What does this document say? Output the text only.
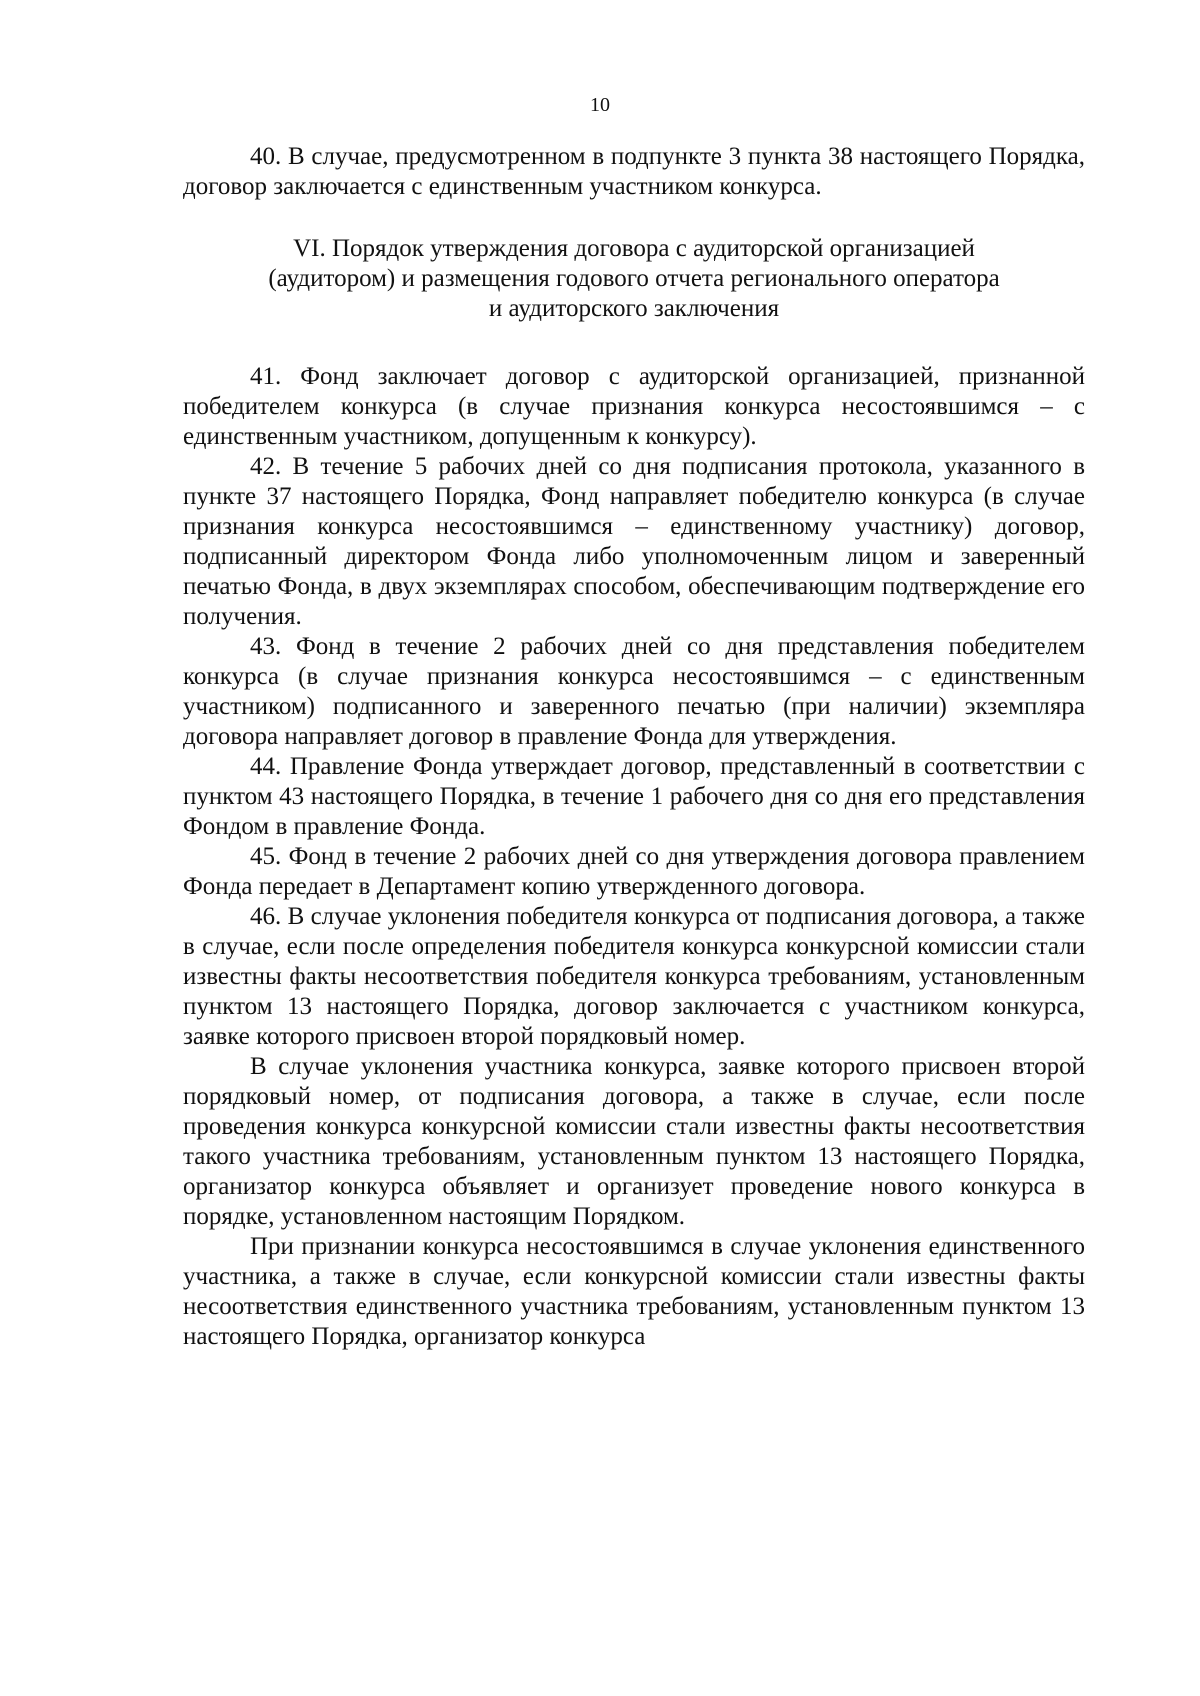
10

40. В случае, предусмотренном в подпункте 3 пункта 38 настоящего Порядка, договор заключается с единственным участником конкурса.

VI. Порядок утверждения договора с аудиторской организацией
(аудитором) и размещения годового отчета регионального оператора
и аудиторского заключения

41. Фонд заключает договор с аудиторской организацией, признанной победителем конкурса (в случае признания конкурса несостоявшимся – с единственным участником, допущенным к конкурсу).

42. В течение 5 рабочих дней со дня подписания протокола, указанного в пункте 37 настоящего Порядка, Фонд направляет победителю конкурса (в случае признания конкурса несостоявшимся – единственному участнику) договор, подписанный директором Фонда либо уполномоченным лицом и заверенный печатью Фонда, в двух экземплярах способом, обеспечивающим подтверждение его получения.

43. Фонд в течение 2 рабочих дней со дня представления победителем конкурса (в случае признания конкурса несостоявшимся – с единственным участником) подписанного и заверенного печатью (при наличии) экземпляра договора направляет договор в правление Фонда для утверждения.

44. Правление Фонда утверждает договор, представленный в соответствии с пунктом 43 настоящего Порядка, в течение 1 рабочего дня со дня его представления Фондом в правление Фонда.

45. Фонд в течение 2 рабочих дней со дня утверждения договора правлением Фонда передает в Департамент копию утвержденного договора.

46. В случае уклонения победителя конкурса от подписания договора, а также в случае, если после определения победителя конкурса конкурсной комиссии стали известны факты несоответствия победителя конкурса требованиям, установленным пунктом 13 настоящего Порядка, договор заключается с участником конкурса, заявке которого присвоен второй порядковый номер.

В случае уклонения участника конкурса, заявке которого присвоен второй порядковый номер, от подписания договора, а также в случае, если после проведения конкурса конкурсной комиссии стали известны факты несоответствия такого участника требованиям, установленным пунктом 13 настоящего Порядка, организатор конкурса объявляет и организует проведение нового конкурса в порядке, установленном настоящим Порядком.

При признании конкурса несостоявшимся в случае уклонения единственного участника, а также в случае, если конкурсной комиссии стали известны факты несоответствия единственного участника требованиям, установленным пунктом 13 настоящего Порядка, организатор конкурса
